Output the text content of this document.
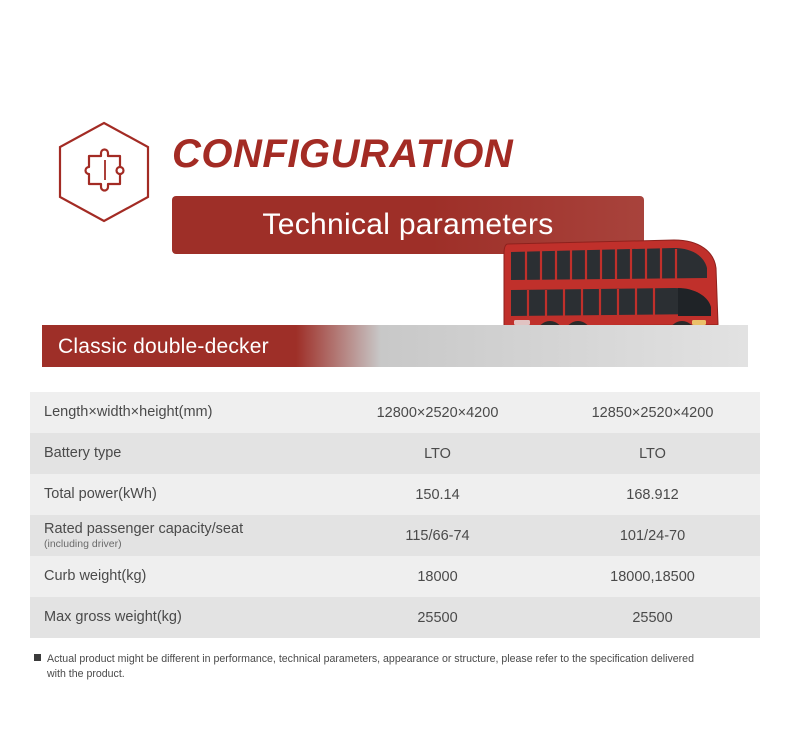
CONFIGURATION
Technical parameters
Classic double-decker
Length×width×height(mm)	12800×2520×4200	12850×2520×4200

Battery type	LTO	LTO

Total power(kWh)	150.14	168.912

Rated passenger capacity/seat
(including driver)	115/66-74	101/24-70

Curb weight(kg)	18000	18000,18500

Max gross weight(kg)	25500	25500
Actual product might be different in performance, technical parameters, appearance or structure, please refer to the specification delivered
with the product.
